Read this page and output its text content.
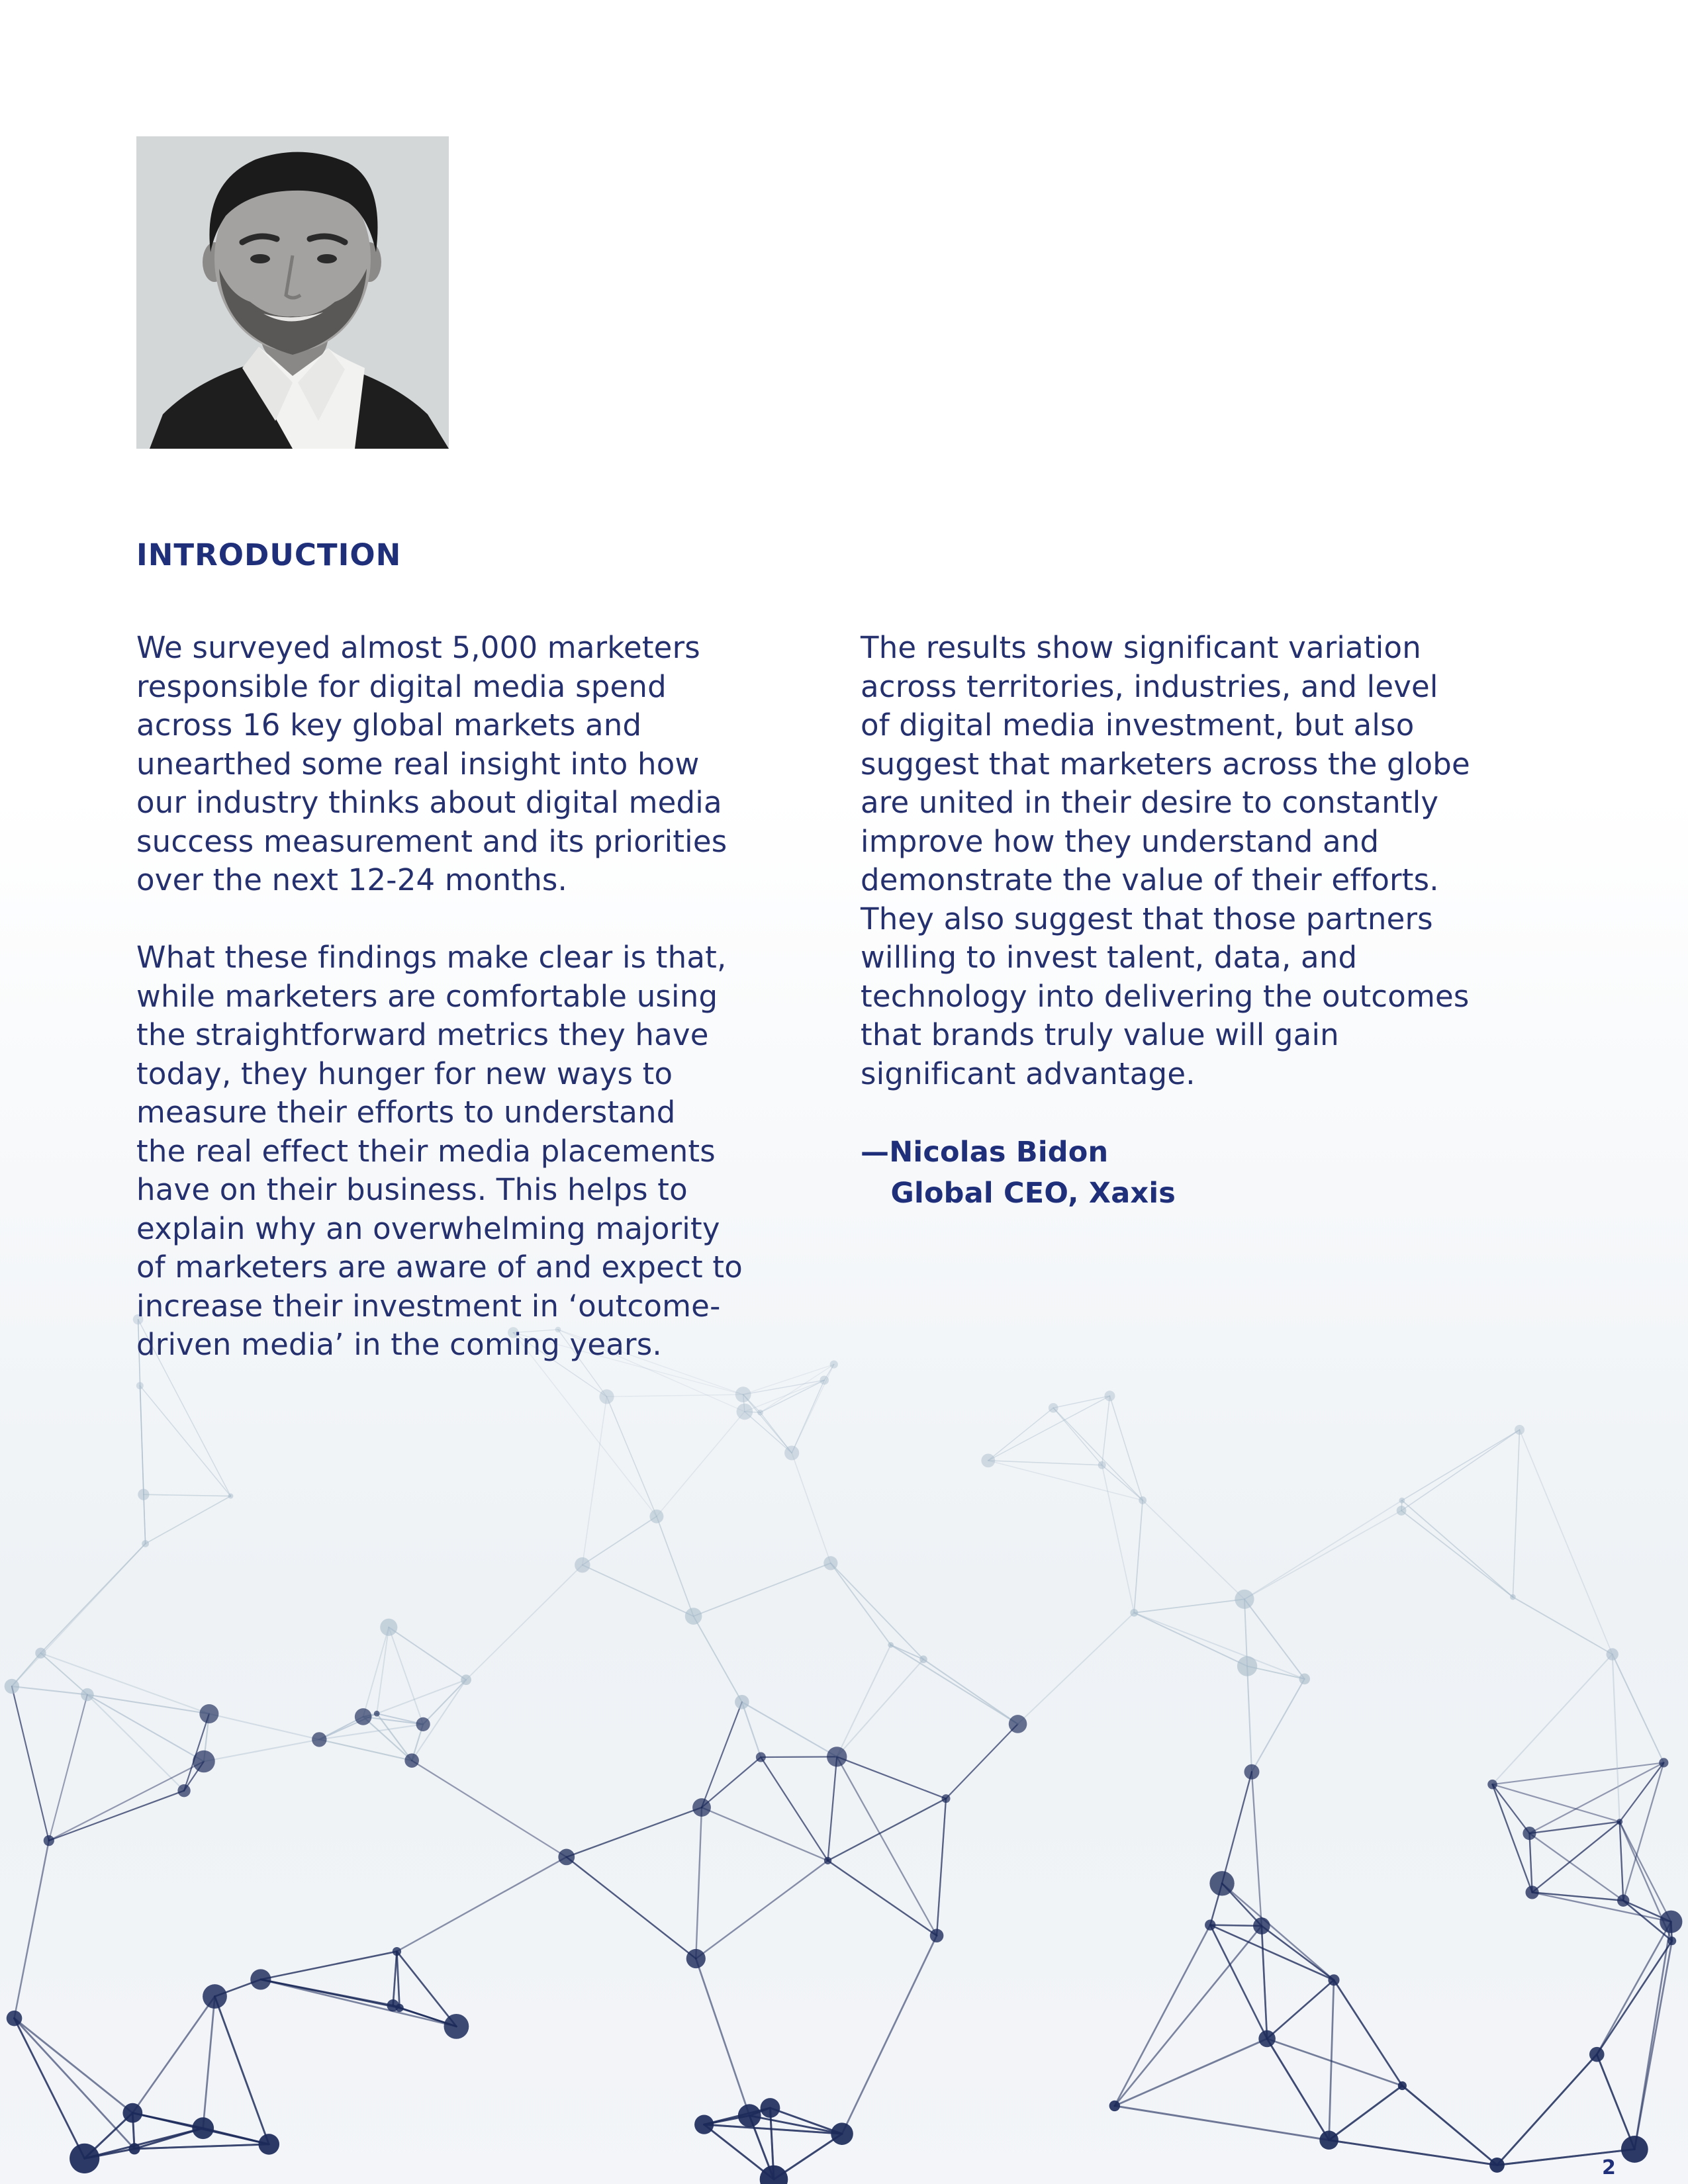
INTRODUCTION

We surveyed almost 5,000 marketers
responsible for digital media spend
across 16 key global markets and
unearthed some real insight into how
our industry thinks about digital media
success measurement and its priorities
over the next 12-24 months.

What these findings make clear is that,
while marketers are comfortable using
the straightforward metrics they have
today, they hunger for new ways to
measure their efforts to understand
the real effect their media placements
have on their business. This helps to
explain why an overwhelming majority
of marketers are aware of and expect to
increase their investment in ‘outcome-
driven media’ in the coming years.

The results show significant variation
across territories, industries, and level
of digital media investment, but also
suggest that marketers across the globe
are united in their desire to constantly
improve how they understand and
demonstrate the value of their efforts.
They also suggest that those partners
willing to invest talent, data, and
technology into delivering the outcomes
that brands truly value will gain
significant advantage.

—Nicolas Bidon
Global CEO, Xaxis
2
